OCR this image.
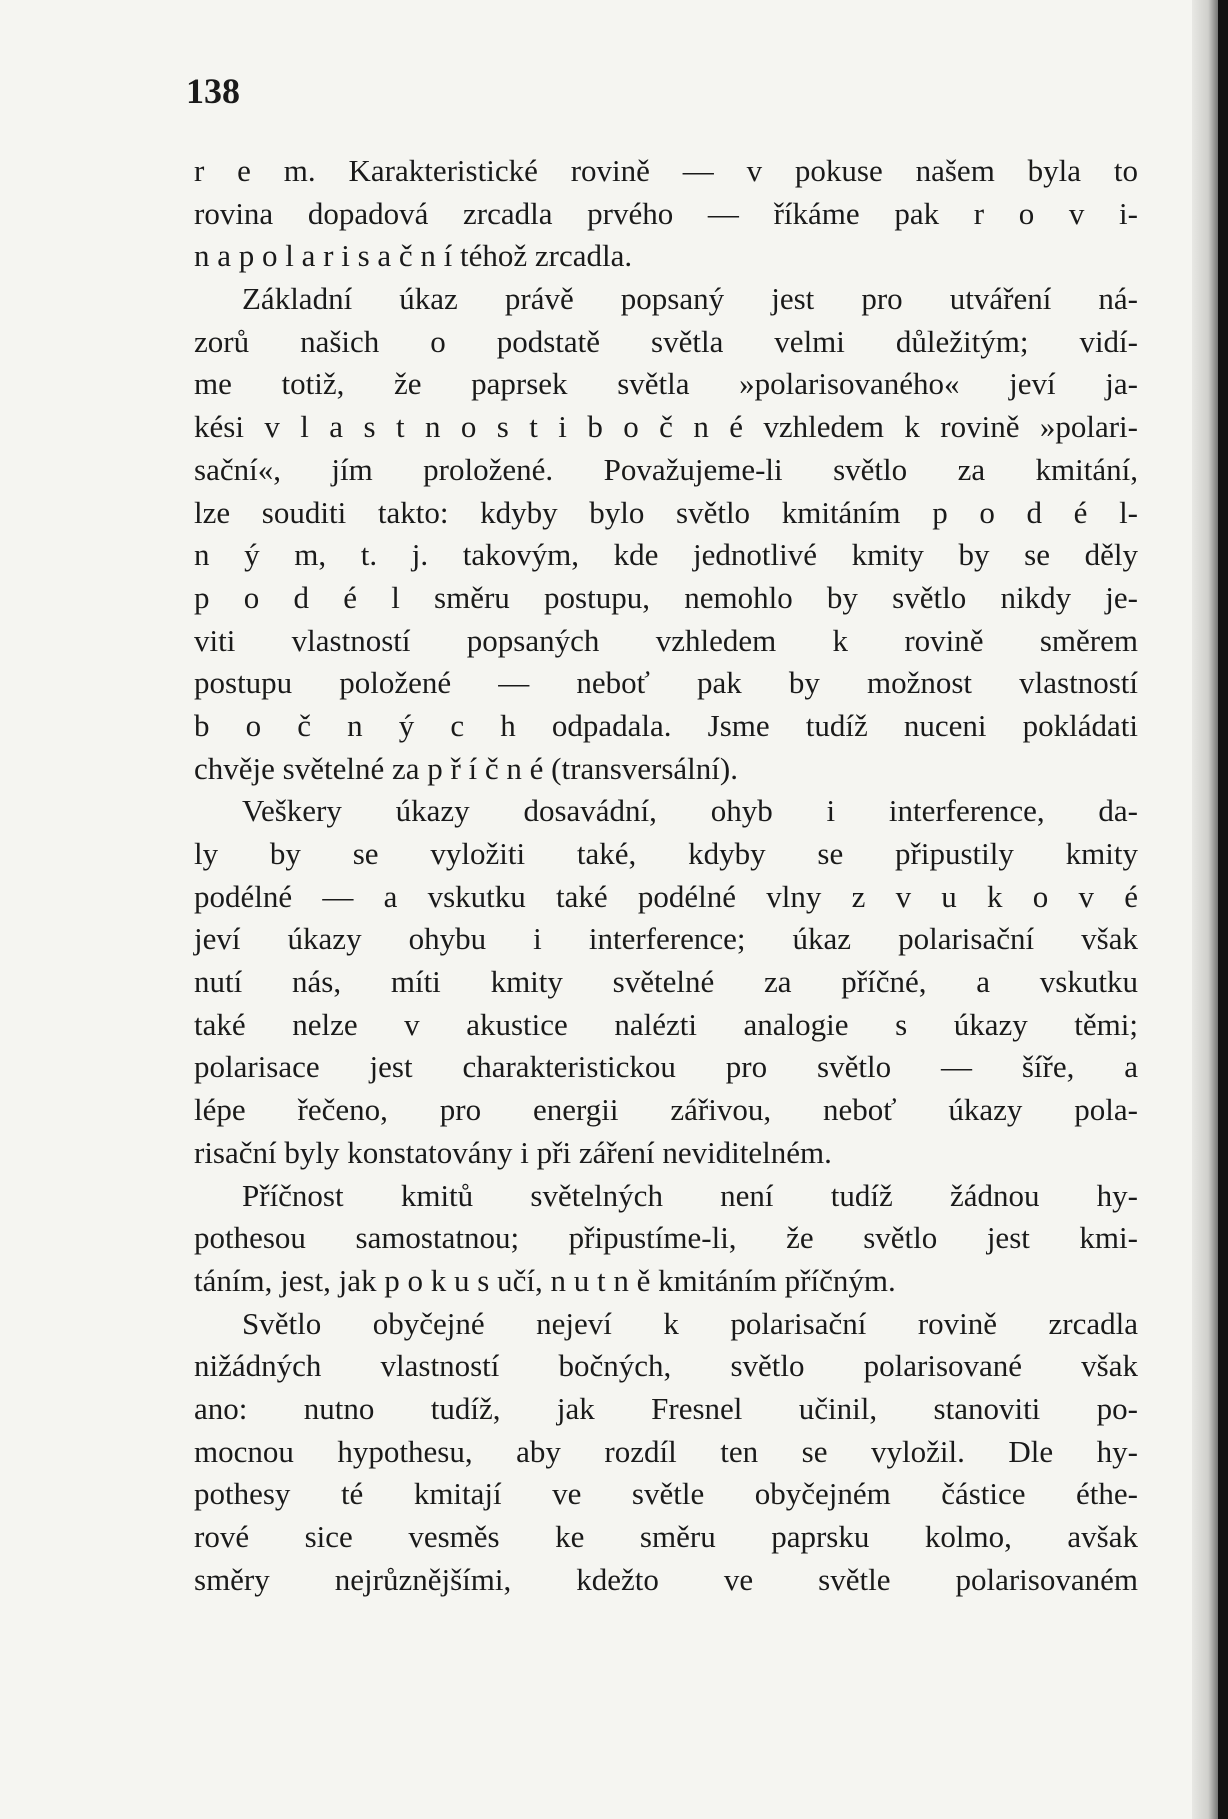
138
r e m. Karakteristické rovině — v pokuse našem byla to
rovina dopadová zrcadla prvého — říkáme pak r o v i-
n a p o l a r i s a č n í téhož zrcadla.
Základní úkaz právě popsaný jest pro utváření ná-
zorů našich o podstatě světla velmi důležitým; vidí-
me totiž, že paprsek světla »polarisovaného« jeví ja-
kési v l a s t n o s t i b o č n é vzhledem k rovině »polari-
sační«, jím proložené. Považujeme-li světlo za kmitání,
lze souditi takto: kdyby bylo světlo kmitáním p o d é l-
n ý m, t. j. takovým, kde jednotlivé kmity by se děly
p o d é l směru postupu, nemohlo by světlo nikdy je-
viti vlastností popsaných vzhledem k rovině směrem
postupu položené — neboť pak by možnost vlastností
b o č n ý c h odpadala. Jsme tudíž nuceni pokládati
chvěje světelné za p ř í č n é (transversální).
Veškery úkazy dosavádní, ohyb i interference, da-
ly by se vyložiti také, kdyby se připustily kmity
podélné — a vskutku také podélné vlny z v u k o v é
jeví úkazy ohybu i interference; úkaz polarisační však
nutí nás, míti kmity světelné za příčné, a vskutku
také nelze v akustice nalézti analogie s úkazy těmi;
polarisace jest charakteristickou pro světlo — šíře, a
lépe řečeno, pro energii zářivou, neboť úkazy pola-
risační byly konstatovány i při záření neviditelném.
Příčnost kmitů světelných není tudíž žádnou hy-
pothesou samostatnou; připustíme-li, že světlo jest kmi-
táním, jest, jak p o k u s učí, n u t n ě kmitáním příčným.
Světlo obyčejné nejeví k polarisační rovině zrcadla
nižádných vlastností bočných, světlo polarisované však
ano: nutno tudíž, jak Fresnel učinil, stanoviti po-
mocnou hypothesu, aby rozdíl ten se vyložil. Dle hy-
pothesy té kmitají ve světle obyčejném částice éthe-
rové sice vesměs ke směru paprsku kolmo, avšak
směry nejrůznějšími, kdežto ve světle polarisovaném
